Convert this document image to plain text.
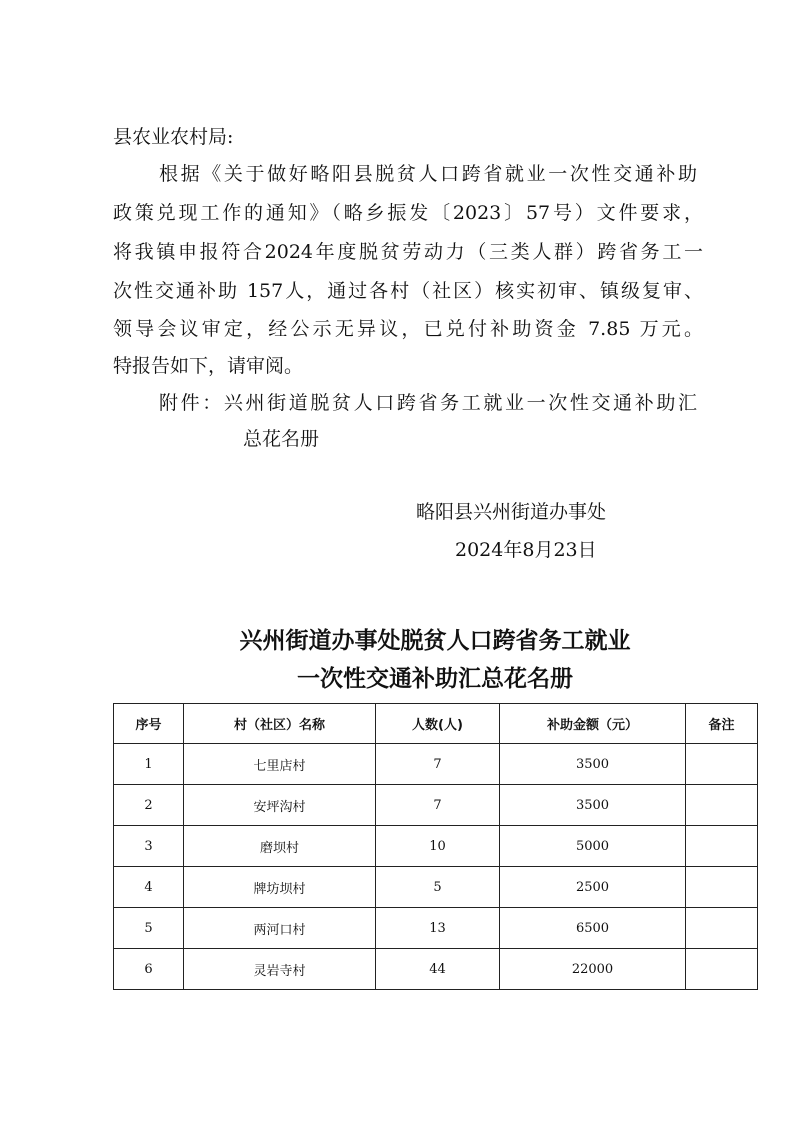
县农业农村局:
根据《关于做好略阳县脱贫人口跨省就业一次性交通补助
政策兑现工作的通知》（略乡振发〔2023〕57号）文件要求，
将我镇申报符合2024年度脱贫劳动力（三类人群）跨省务工一
次性交通补助 157人，通过各村（社区）核实初审、镇级复审、
领导会议审定，经公示无异议，已兑付补助资金 7.85 万元。
特报告如下，请审阅。
附件：兴州街道脱贫人口跨省务工就业一次性交通补助汇
总花名册
略阳县兴州街道办事处
2024年8月23日
兴州街道办事处脱贫人口跨省务工就业
一次性交通补助汇总花名册
序号	村（社区）名称	人数(人)	补助金额（元）	备注
1	七里店村	7	3500	
2	安坪沟村	7	3500	
3	磨坝村	10	5000	
4	牌坊坝村	5	2500	
5	两河口村	13	6500	
6	灵岩寺村	44	22000	
